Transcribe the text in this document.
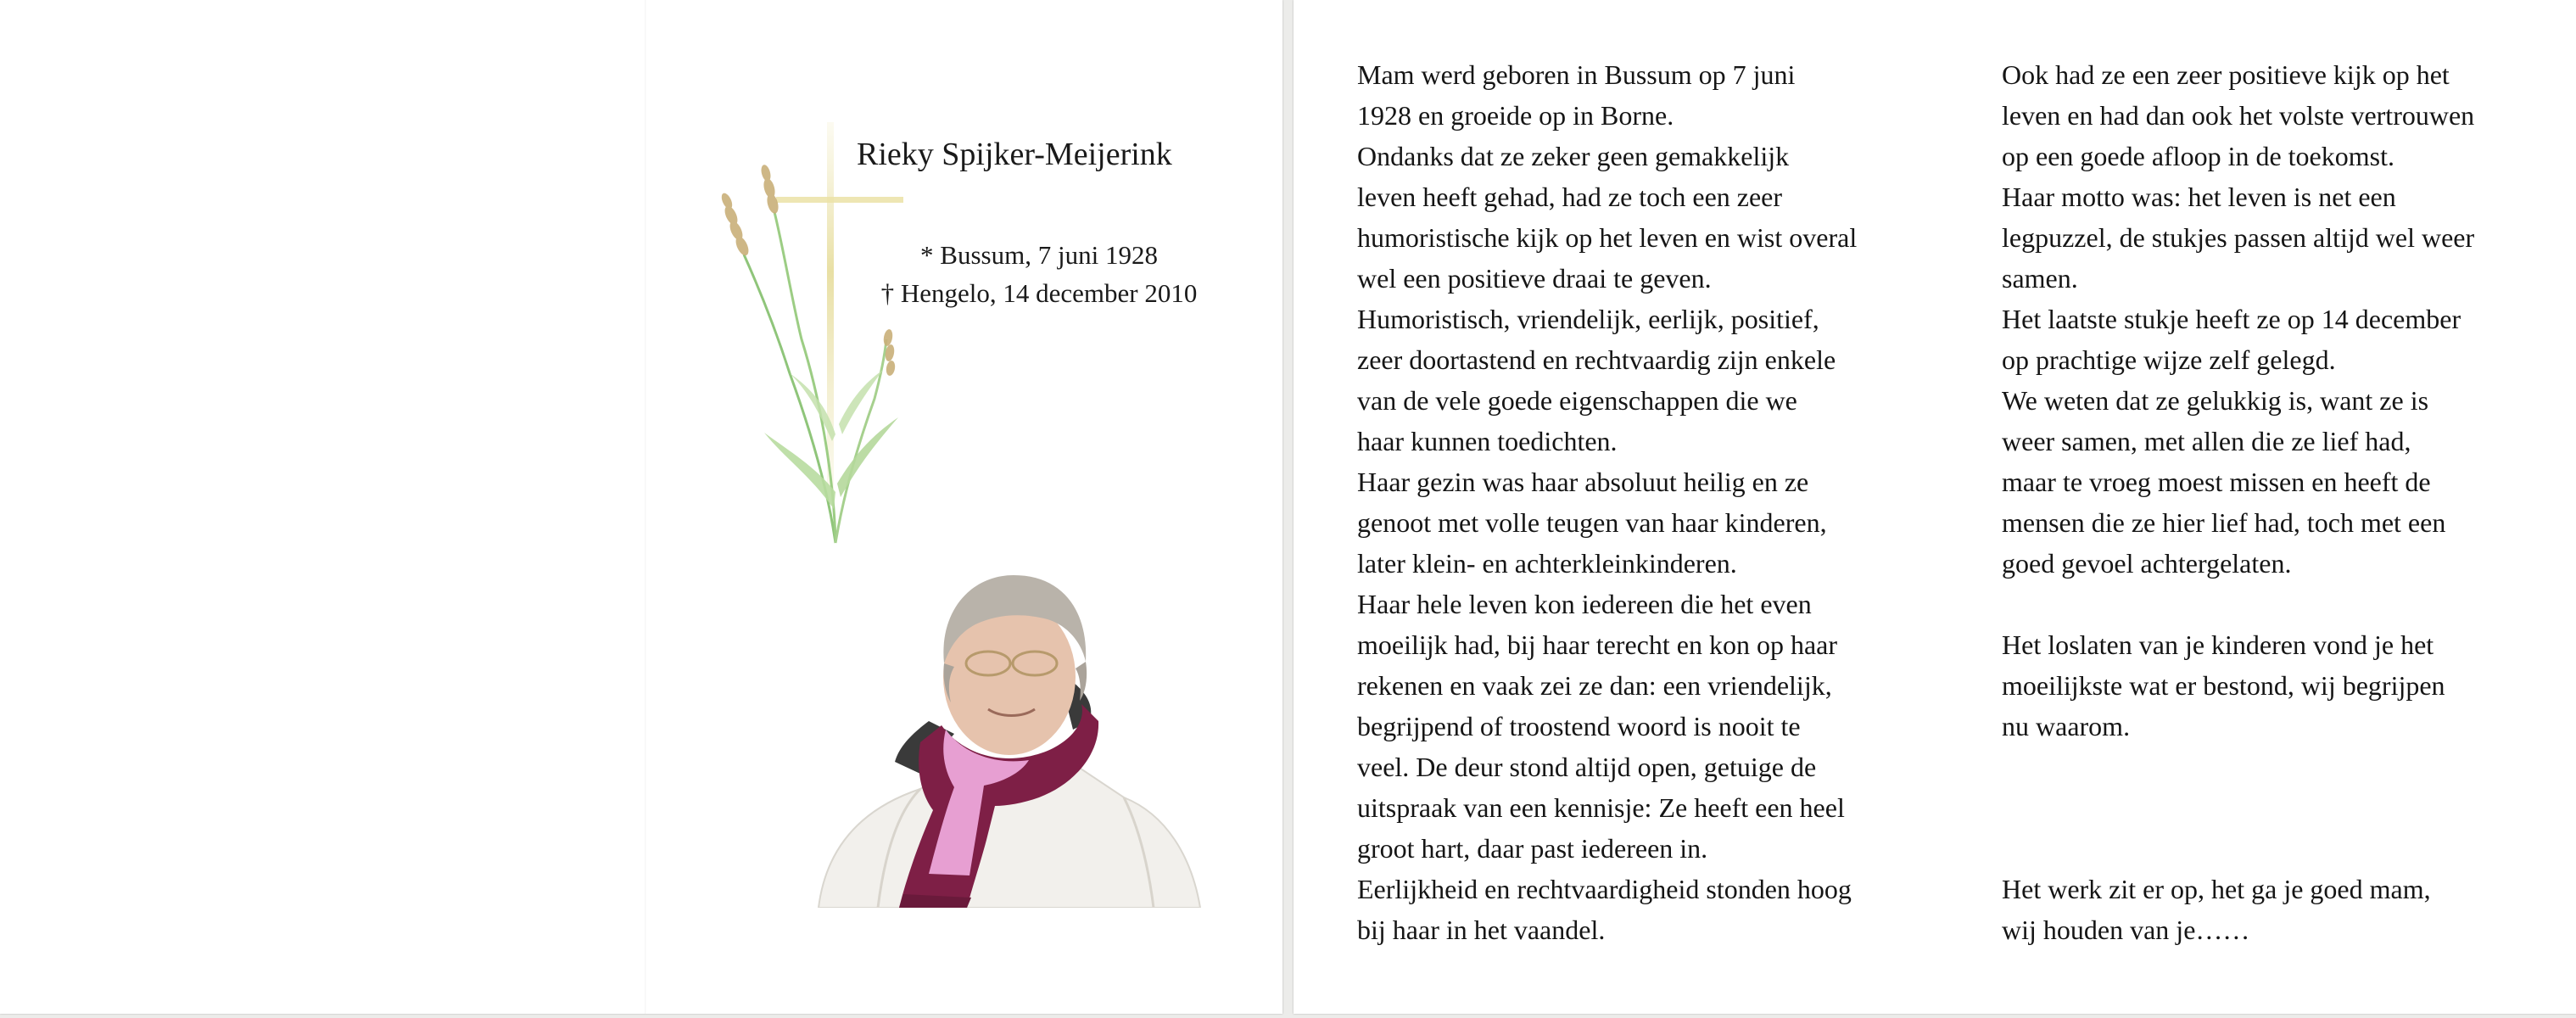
Rieky Spijker-Meijerink
* Bussum, 7 juni 1928
† Hengelo, 14 december 2010

Mam werd geboren in Bussum op 7 juni
1928 en groeide op in Borne.

Ondanks dat ze zeker geen gemakkelijk
leven heeft gehad, had ze toch een zeer
humoristische kijk op het leven en wist overal
wel een positieve draai te geven.

Humoristisch, vriendelijk, eerlijk, positief,
zeer doortastend en rechtvaardig zijn enkele
van de vele goede eigenschappen die we
haar kunnen toedichten.

Haar gezin was haar absoluut heilig en ze
genoot met volle teugen van haar kinderen,
later klein- en achterkleinkinderen.

Haar hele leven kon iedereen die het even
moeilijk had, bij haar terecht en kon op haar
rekenen en vaak zei ze dan: een vriendelijk,
begrijpend of troostend woord is nooit te
veel. De deur stond altijd open, getuige de
uitspraak van een kennisje: Ze heeft een heel
groot hart, daar past iedereen in.

Eerlijkheid en rechtvaardigheid stonden hoog
bij haar in het vaandel.

Ook had ze een zeer positieve kijk op het
leven en had dan ook het volste vertrouwen
op een goede afloop in de toekomst.

Haar motto was: het leven is net een
legpuzzel, de stukjes passen altijd wel weer
samen.

Het laatste stukje heeft ze op 14 december
op prachtige wijze zelf gelegd.

We weten dat ze gelukkig is, want ze is
weer samen, met allen die ze lief had,
maar te vroeg moest missen en heeft de
mensen die ze hier lief had, toch met een
goed gevoel achtergelaten.

Het loslaten van je kinderen vond je het
moeilijkste wat er bestond, wij begrijpen
nu waarom.

Het werk zit er op, het ga je goed mam,
wij houden van je……
